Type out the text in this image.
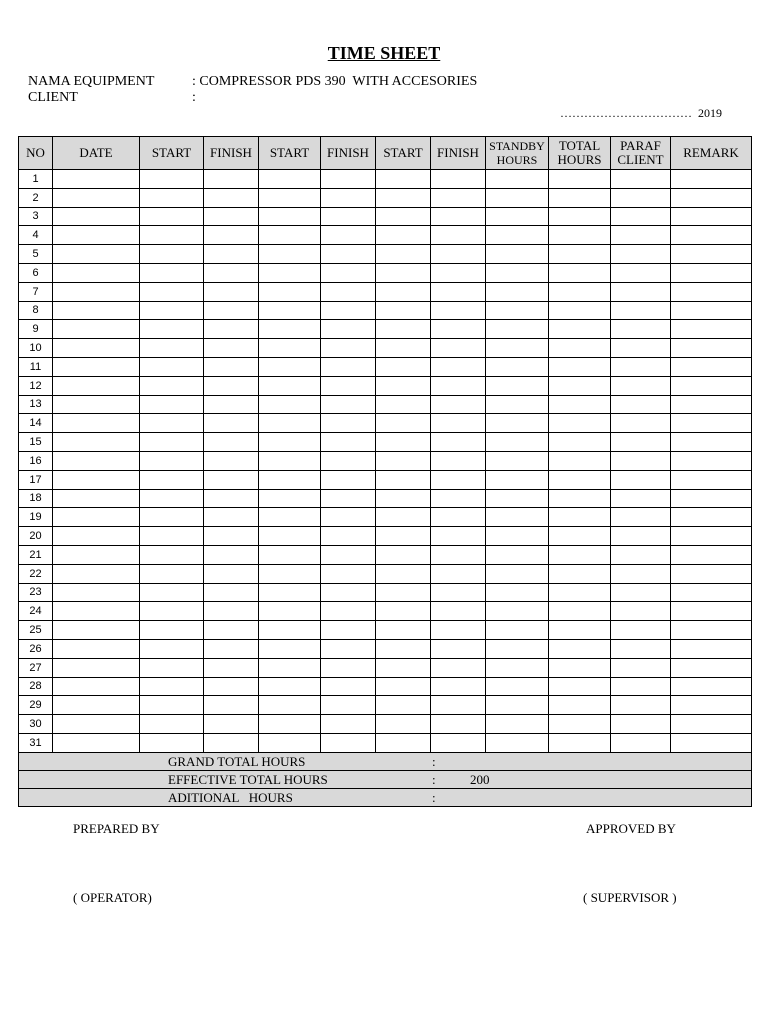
TIME SHEET
NAMA EQUIPMENT	: COMPRESSOR PDS 390  WITH ACCESORIES
CLIENT	:
…………………………… 2019
NO	DATE	START	FINISH	START	FINISH	START	FINISH	STANDBY HOURS	TOTAL HOURS	PARAF CLIENT	REMARK
1											
2											
3											
4											
5											
6											
7											
8											
9											
10											
11											
12											
13											
14											
15											
16											
17											
18											
19											
20											
21											
22											
23											
24											
25											
26											
27											
28											
29											
30											
31											

GRAND TOTAL HOURS :											

EFFECTIVE TOTAL HOURS : 200											

ADITIONAL   HOURS :											
PREPARED BY	APPROVED BY
( OPERATOR)	( SUPERVISOR )
